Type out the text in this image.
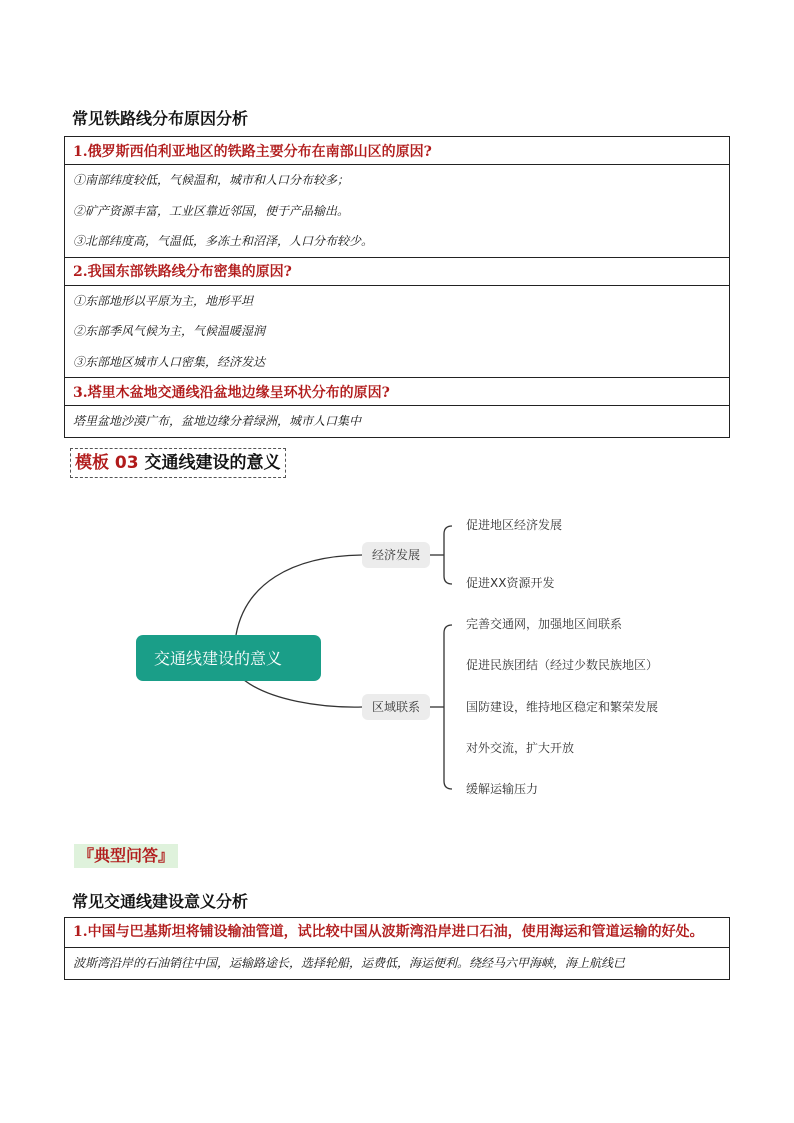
常见铁路线分布原因分析
1.俄罗斯西伯利亚地区的铁路主要分布在南部山区的原因?

①南部纬度较低，气候温和，城市和人口分布较多；
②矿产资源丰富，工业区靠近邻国，便于产品输出。
③北部纬度高，气温低，多冻土和沼泽，人口分布较少。

2.我国东部铁路线分布密集的原因?

①东部地形以平原为主，地形平坦
②东部季风气候为主，气候温暖湿润
③东部地区城市人口密集，经济发达

3.塔里木盆地交通线沿盆地边缘呈环状分布的原因?

塔里盆地沙漠广布，盆地边缘分着绿洲，城市人口集中
模板 03 交通线建设的意义
交通线建设的意义
经济发展
区域联系
促进地区经济发展
促进XX资源开发
完善交通网，加强地区间联系
促进民族团结（经过少数民族地区）
国防建设，维持地区稳定和繁荣发展
对外交流，扩大开放
缓解运输压力
『典型问答』
常见交通线建设意义分析
1.中国与巴基斯坦将铺设输油管道，试比较中国从波斯湾沿岸进口石油，使用海运和管道运输的好处。

波斯湾沿岸的石油销往中国，运输路途长，选择轮船，运费低，海运便利。绕经马六甲海峡，海上航线已
